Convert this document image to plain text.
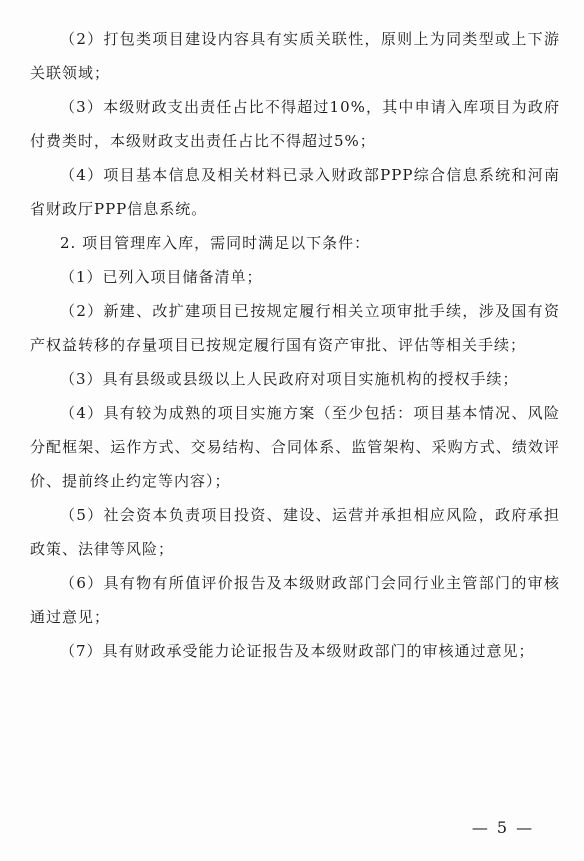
（2）打包类项目建设内容具有实质关联性，原则上为同类型或上下游关联领域；

（3）本级财政支出责任占比不得超过10%，其中申请入库项目为政府付费类时，本级财政支出责任占比不得超过5%；

（4）项目基本信息及相关材料已录入财政部PPP综合信息系统和河南省财政厅PPP信息系统。

2. 项目管理库入库，需同时满足以下条件：

（1）已列入项目储备清单；

（2）新建、改扩建项目已按规定履行相关立项审批手续，涉及国有资产权益转移的存量项目已按规定履行国有资产审批、评估等相关手续；

（3）具有县级或县级以上人民政府对项目实施机构的授权手续；

（4）具有较为成熟的项目实施方案（至少包括：项目基本情况、风险分配框架、运作方式、交易结构、合同体系、监管架构、采购方式、绩效评价、提前终止约定等内容）；

（5）社会资本负责项目投资、建设、运营并承担相应风险，政府承担政策、法律等风险；

（6）具有物有所值评价报告及本级财政部门会同行业主管部门的审核通过意见；

（7）具有财政承受能力论证报告及本级财政部门的审核通过意见；

— 5 —
